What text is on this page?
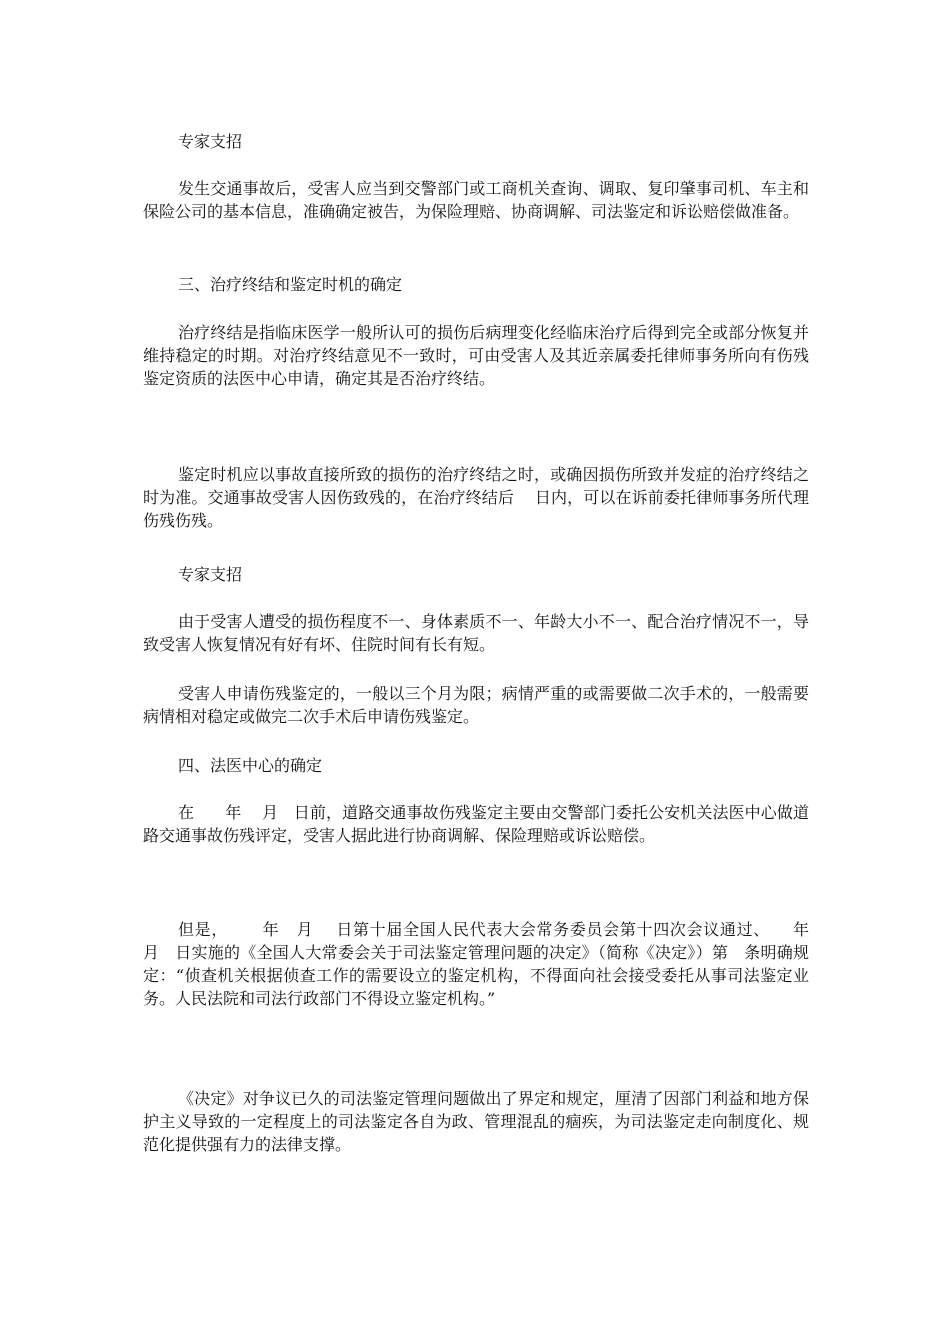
专家支招

发生交通事故后，受害人应当到交警部门或工商机关查询、调取、复印肇事司机、车主和保险公司的基本信息，准确确定被告，为保险理赔、协商调解、司法鉴定和诉讼赔偿做准备。

三、治疗终结和鉴定时机的确定

治疗终结是指临床医学一般所认可的损伤后病理变化经临床治疗后得到完全或部分恢复并维持稳定的时期。对治疗终结意见不一致时，可由受害人及其近亲属委托律师事务所向有伤残鉴定资质的法医中心申请，确定其是否治疗终结。

鉴定时机应以事故直接所致的损伤的治疗终结之时，或确因损伤所致并发症的治疗终结之时为准。交通事故受害人因伤致残的，在治疗终结后    日内，可以在诉前委托律师事务所代理伤残伤残。

专家支招

由于受害人遭受的损伤程度不一、身体素质不一、年龄大小不一、配合治疗情况不一，导致受害人恢复情况有好有坏、住院时间有长有短。

受害人申请伤残鉴定的，一般以三个月为限；病情严重的或需要做二次手术的，一般需要病情相对稳定或做完二次手术后申请伤残鉴定。

四、法医中心的确定

在      年    月   日前，道路交通事故伤残鉴定主要由交警部门委托公安机关法医中心做道路交通事故伤残评定，受害人据此进行协商调解、保险理赔或诉讼赔偿。

但是，      年   月    日第十届全国人民代表大会常务委员会第十四次会议通过、    年    月   日实施的《全国人大常委会关于司法鉴定管理问题的决定》（简称《决定》）第   条明确规定：“侦查机关根据侦查工作的需要设立的鉴定机构，不得面向社会接受委托从事司法鉴定业务。人民法院和司法行政部门不得设立鉴定机构。”

《决定》对争议已久的司法鉴定管理问题做出了界定和规定，厘清了因部门利益和地方保护主义导致的一定程度上的司法鉴定各自为政、管理混乱的痼疾，为司法鉴定走向制度化、规范化提供强有力的法律支撑。
